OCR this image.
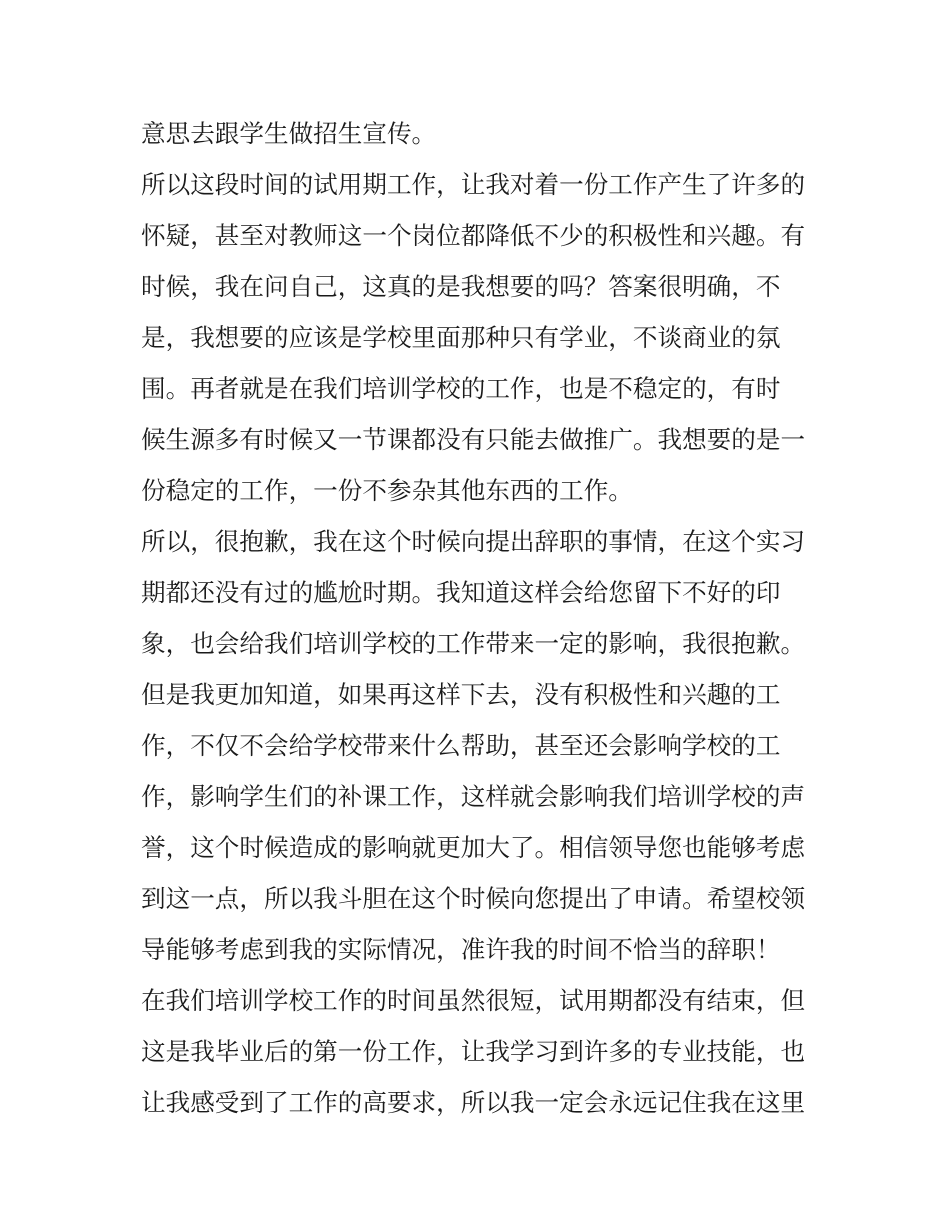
意思去跟学生做招生宣传。
所以这段时间的试用期工作，让我对着一份工作产生了许多的
怀疑，甚至对教师这一个岗位都降低不少的积极性和兴趣。有
时候，我在问自己，这真的是我想要的吗？答案很明确，不
是，我想要的应该是学校里面那种只有学业，不谈商业的氛
围。再者就是在我们培训学校的工作，也是不稳定的，有时
候生源多有时候又一节课都没有只能去做推广。我想要的是一
份稳定的工作，一份不参杂其他东西的工作。
所以，很抱歉，我在这个时候向提出辞职的事情，在这个实习
期都还没有过的尴尬时期。我知道这样会给您留下不好的印
象，也会给我们培训学校的工作带来一定的影响，我很抱歉。
但是我更加知道，如果再这样下去，没有积极性和兴趣的工
作，不仅不会给学校带来什么帮助，甚至还会影响学校的工
作，影响学生们的补课工作，这样就会影响我们培训学校的声
誉，这个时候造成的影响就更加大了。相信领导您也能够考虑
到这一点，所以我斗胆在这个时候向您提出了申请。希望校领
导能够考虑到我的实际情况，准许我的时间不恰当的辞职！
在我们培训学校工作的时间虽然很短，试用期都没有结束，但
这是我毕业后的第一份工作，让我学习到许多的专业技能，也
让我感受到了工作的高要求，所以我一定会永远记住我在这里
